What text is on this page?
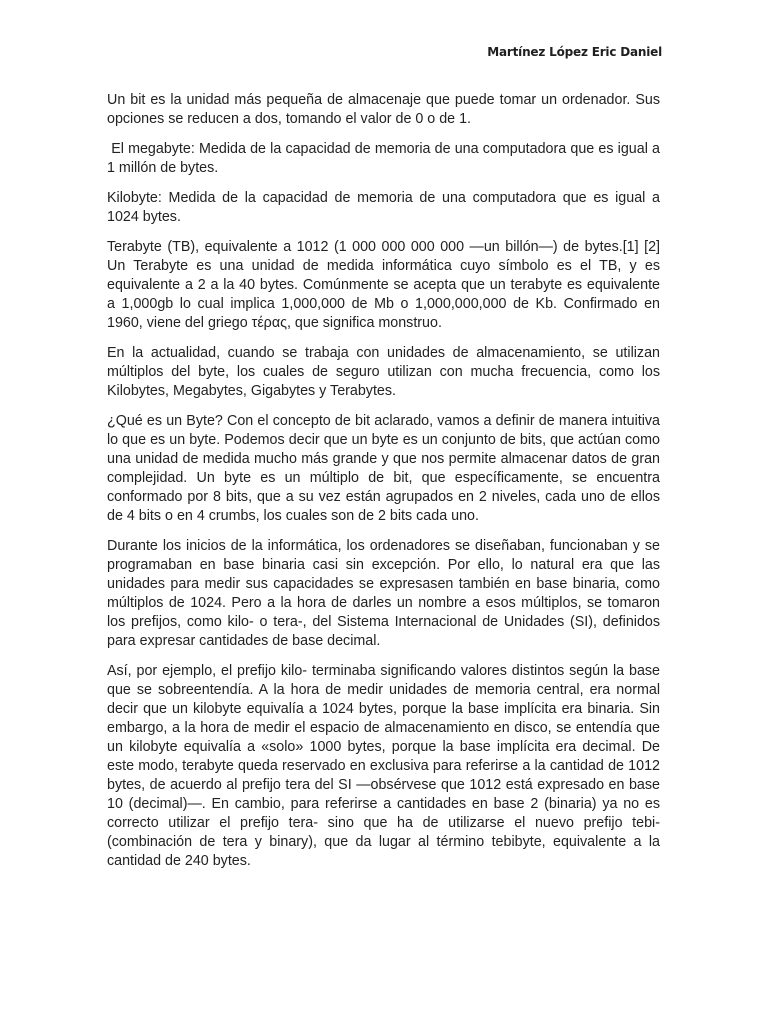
Martínez López Eric Daniel

Un bit es la unidad más pequeña de almacenaje que puede tomar un ordenador. Sus opciones se reducen a dos, tomando el valor de 0 o de 1.

El megabyte: Medida de la capacidad de memoria de una computadora que es igual a 1 millón de bytes.

Kilobyte: Medida de la capacidad de memoria de una computadora que es igual a 1024 bytes.

Terabyte (TB), equivalente a 1012 (1 000 000 000 000 —un billón—) de bytes.[1] [2] Un Terabyte es una unidad de medida informática cuyo símbolo es el TB, y es equivalente a 2 a la 40 bytes. Comúnmente se acepta que un terabyte es equivalente a 1,000gb lo cual implica 1,000,000 de Mb o 1,000,000,000 de Kb. Confirmado en 1960, viene del griego τέρας, que significa monstruo.

En la actualidad, cuando se trabaja con unidades de almacenamiento, se utilizan múltiplos del byte, los cuales de seguro utilizan con mucha frecuencia, como los Kilobytes, Megabytes, Gigabytes y Terabytes.

¿Qué es un Byte? Con el concepto de bit aclarado, vamos a definir de manera intuitiva lo que es un byte. Podemos decir que un byte es un conjunto de bits, que actúan como una unidad de medida mucho más grande y que nos permite almacenar datos de gran complejidad. Un byte es un múltiplo de bit, que específicamente, se encuentra conformado por 8 bits, que a su vez están agrupados en 2 niveles, cada uno de ellos de 4 bits o en 4 crumbs, los cuales son de 2 bits cada uno.

Durante los inicios de la informática, los ordenadores se diseñaban, funcionaban y se programaban en base binaria casi sin excepción. Por ello, lo natural era que las unidades para medir sus capacidades se expresasen también en base binaria, como múltiplos de 1024. Pero a la hora de darles un nombre a esos múltiplos, se tomaron los prefijos, como kilo- o tera-, del Sistema Internacional de Unidades (SI), definidos para expresar cantidades de base decimal.

Así, por ejemplo, el prefijo kilo- terminaba significando valores distintos según la base que se sobreentendía. A la hora de medir unidades de memoria central, era normal decir que un kilobyte equivalía a 1024 bytes, porque la base implícita era binaria. Sin embargo, a la hora de medir el espacio de almacenamiento en disco, se entendía que un kilobyte equivalía a «solo» 1000 bytes, porque la base implícita era decimal. De este modo, terabyte queda reservado en exclusiva para referirse a la cantidad de 1012 bytes, de acuerdo al prefijo tera del SI —obsérvese que 1012 está expresado en base 10 (decimal)—. En cambio, para referirse a cantidades en base 2 (binaria) ya no es correcto utilizar el prefijo tera- sino que ha de utilizarse el nuevo prefijo tebi- (combinación de tera y binary), que da lugar al término tebibyte, equivalente a la cantidad de 240 bytes.
